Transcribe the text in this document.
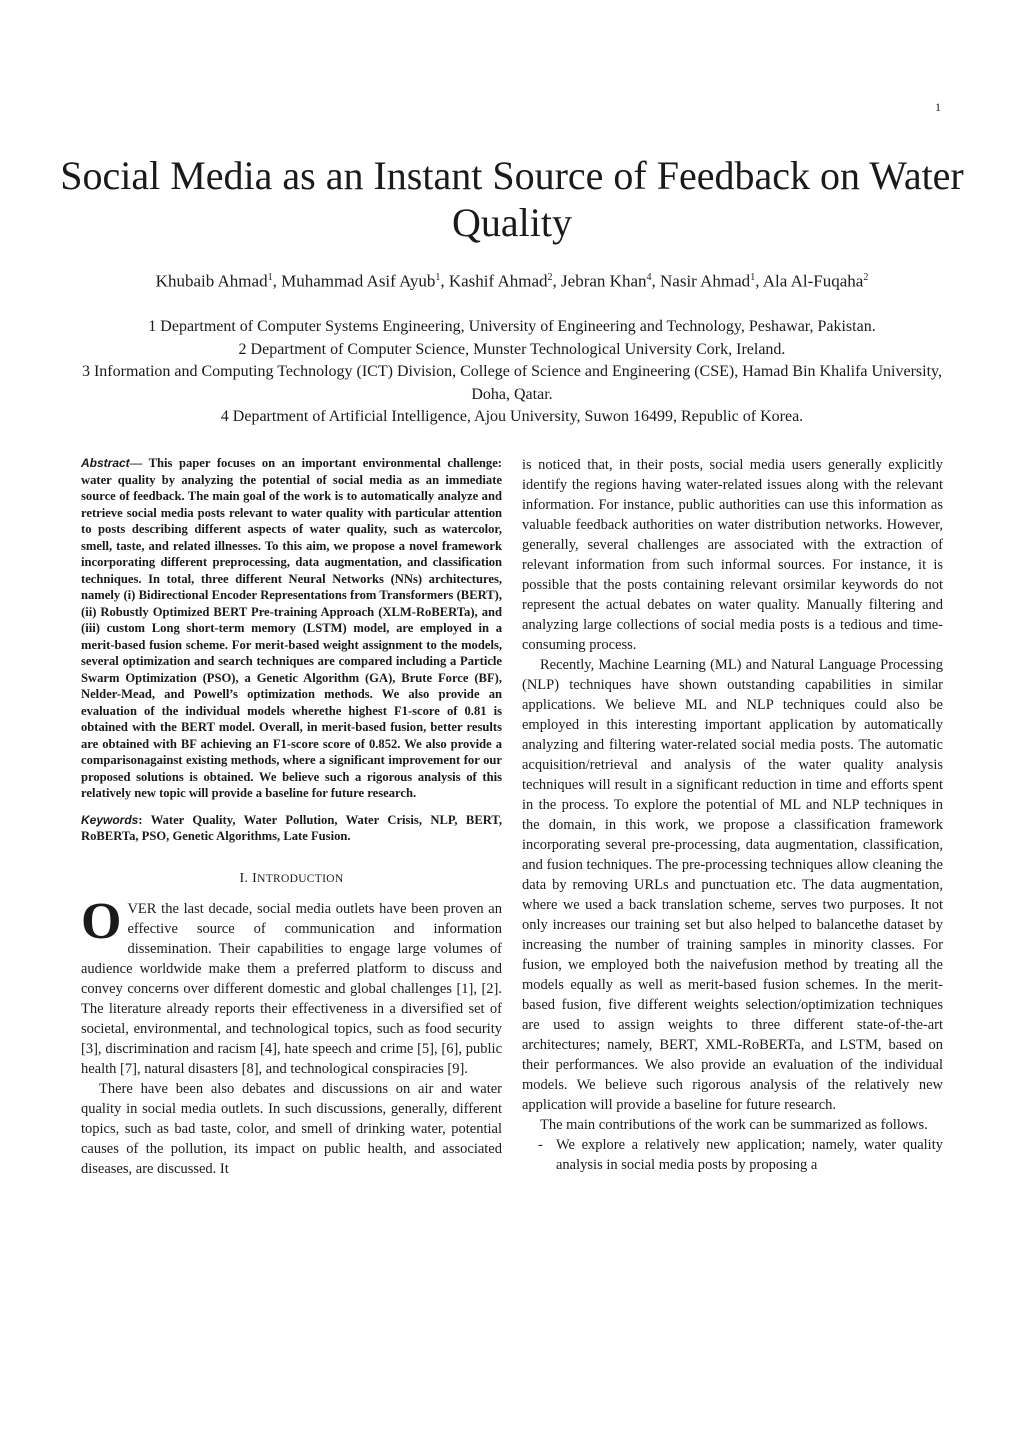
1
Social Media as an Instant Source of Feedback on Water Quality
Khubaib Ahmad$^1$, Muhammad Asif Ayub$^1$, Kashif Ahmad$^2$, Jebran Khan$^4$, Nasir Ahmad$^1$, Ala Al-Fuqaha$^2$
1 Department of Computer Systems Engineering, University of Engineering and Technology, Peshawar, Pakistan.
2 Department of Computer Science, Munster Technological University Cork, Ireland.
3 Information and Computing Technology (ICT) Division, College of Science and Engineering (CSE), Hamad Bin Khalifa University, Doha, Qatar.
4 Department of Artificial Intelligence, Ajou University, Suwon 16499, Republic of Korea.
Abstract— This paper focuses on an important environmental challenge: water quality by analyzing the potential of social media as an immediate source of feedback. The main goal of the work is to automatically analyze and retrieve social media posts relevant to water quality with particular attention to posts describing different aspects of water quality, such as watercolor, smell, taste, and related illnesses. To this aim, we propose a novel framework incorporating different preprocessing, data augmentation, and classification techniques. In total, three different Neural Networks (NNs) architectures, namely (i) Bidirectional Encoder Representations from Transformers (BERT), (ii) Robustly Optimized BERT Pre-training Approach (XLM-RoBERTa), and (iii) custom Long short-term memory (LSTM) model, are employed in a merit-based fusion scheme. For merit-based weight assignment to the models, several optimization and search techniques are compared including a Particle Swarm Optimization (PSO), a Genetic Algorithm (GA), Brute Force (BF), Nelder-Mead, and Powell’s optimization methods. We also provide an evaluation of the individual models wherethe highest F1-score of 0.81 is obtained with the BERT model. Overall, in merit-based fusion, better results are obtained with BF achieving an F1-score score of 0.852. We also provide a comparisonagainst existing methods, where a significant improvement for our proposed solutions is obtained. We believe such a rigorous analysis of this relatively new topic will provide a baseline for future research.
Keywords: Water Quality, Water Pollution, Water Crisis, NLP, BERT, RoBERTa, PSO, Genetic Algorithms, Late Fusion.
I. INTRODUCTION

OVER the last decade, social media outlets have been proven an effective source of communication and information dissemination. Their capabilities to engage large volumes of audience worldwide make them a preferred platform to discuss and convey concerns over different domestic and global challenges [1], [2]. The literature already reports their effectiveness in a diversified set of societal, environmental, and technological topics, such as food security [3], discrimination and racism [4], hate speech and crime [5], [6], public health [7], natural disasters [8], and technological conspiracies [9].

There have been also debates and discussions on air and water quality in social media outlets. In such discussions, generally, different topics, such as bad taste, color, and smell of drinking water, potential causes of the pollution, its impact on public health, and associated diseases, are discussed. It

is noticed that, in their posts, social media users generally explicitly identify the regions having water-related issues along with the relevant information. For instance, public authorities can use this information as valuable feedback authorities on water distribution networks. However, generally, several challenges are associated with the extraction of relevant information from such informal sources. For instance, it is possible that the posts containing relevant orsimilar keywords do not represent the actual debates on water quality. Manually filtering and analyzing large collections of social media posts is a tedious and time-consuming process.

Recently, Machine Learning (ML) and Natural Language Processing (NLP) techniques have shown outstanding capabilities in similar applications. We believe ML and NLP techniques could also be employed in this interesting important application by automatically analyzing and filtering water-related social media posts. The automatic acquisition/retrieval and analysis of the water quality analysis techniques will result in a significant reduction in time and efforts spent in the process. To explore the potential of ML and NLP techniques in the domain, in this work, we propose a classification framework incorporating several pre-processing, data augmentation, classification, and fusion techniques. The pre-processing techniques allow cleaning the data by removing URLs and punctuation etc. The data augmentation, where we used a back translation scheme, serves two purposes. It not only increases our training set but also helped to balancethe dataset by increasing the number of training samples in minority classes. For fusion, we employed both the naivefusion method by treating all the models equally as well as merit-based fusion schemes. In the merit-based fusion, five different weights selection/optimization techniques are used to assign weights to three different state-of-the-art architectures; namely, BERT, XML-RoBERTa, and LSTM, based on their performances. We also provide an evaluation of the individual models. We believe such rigorous analysis of the relatively new application will provide a baseline for future research.

The main contributions of the work can be summarized as follows.

- We explore a relatively new application; namely, water quality analysis in social media posts by proposing a
